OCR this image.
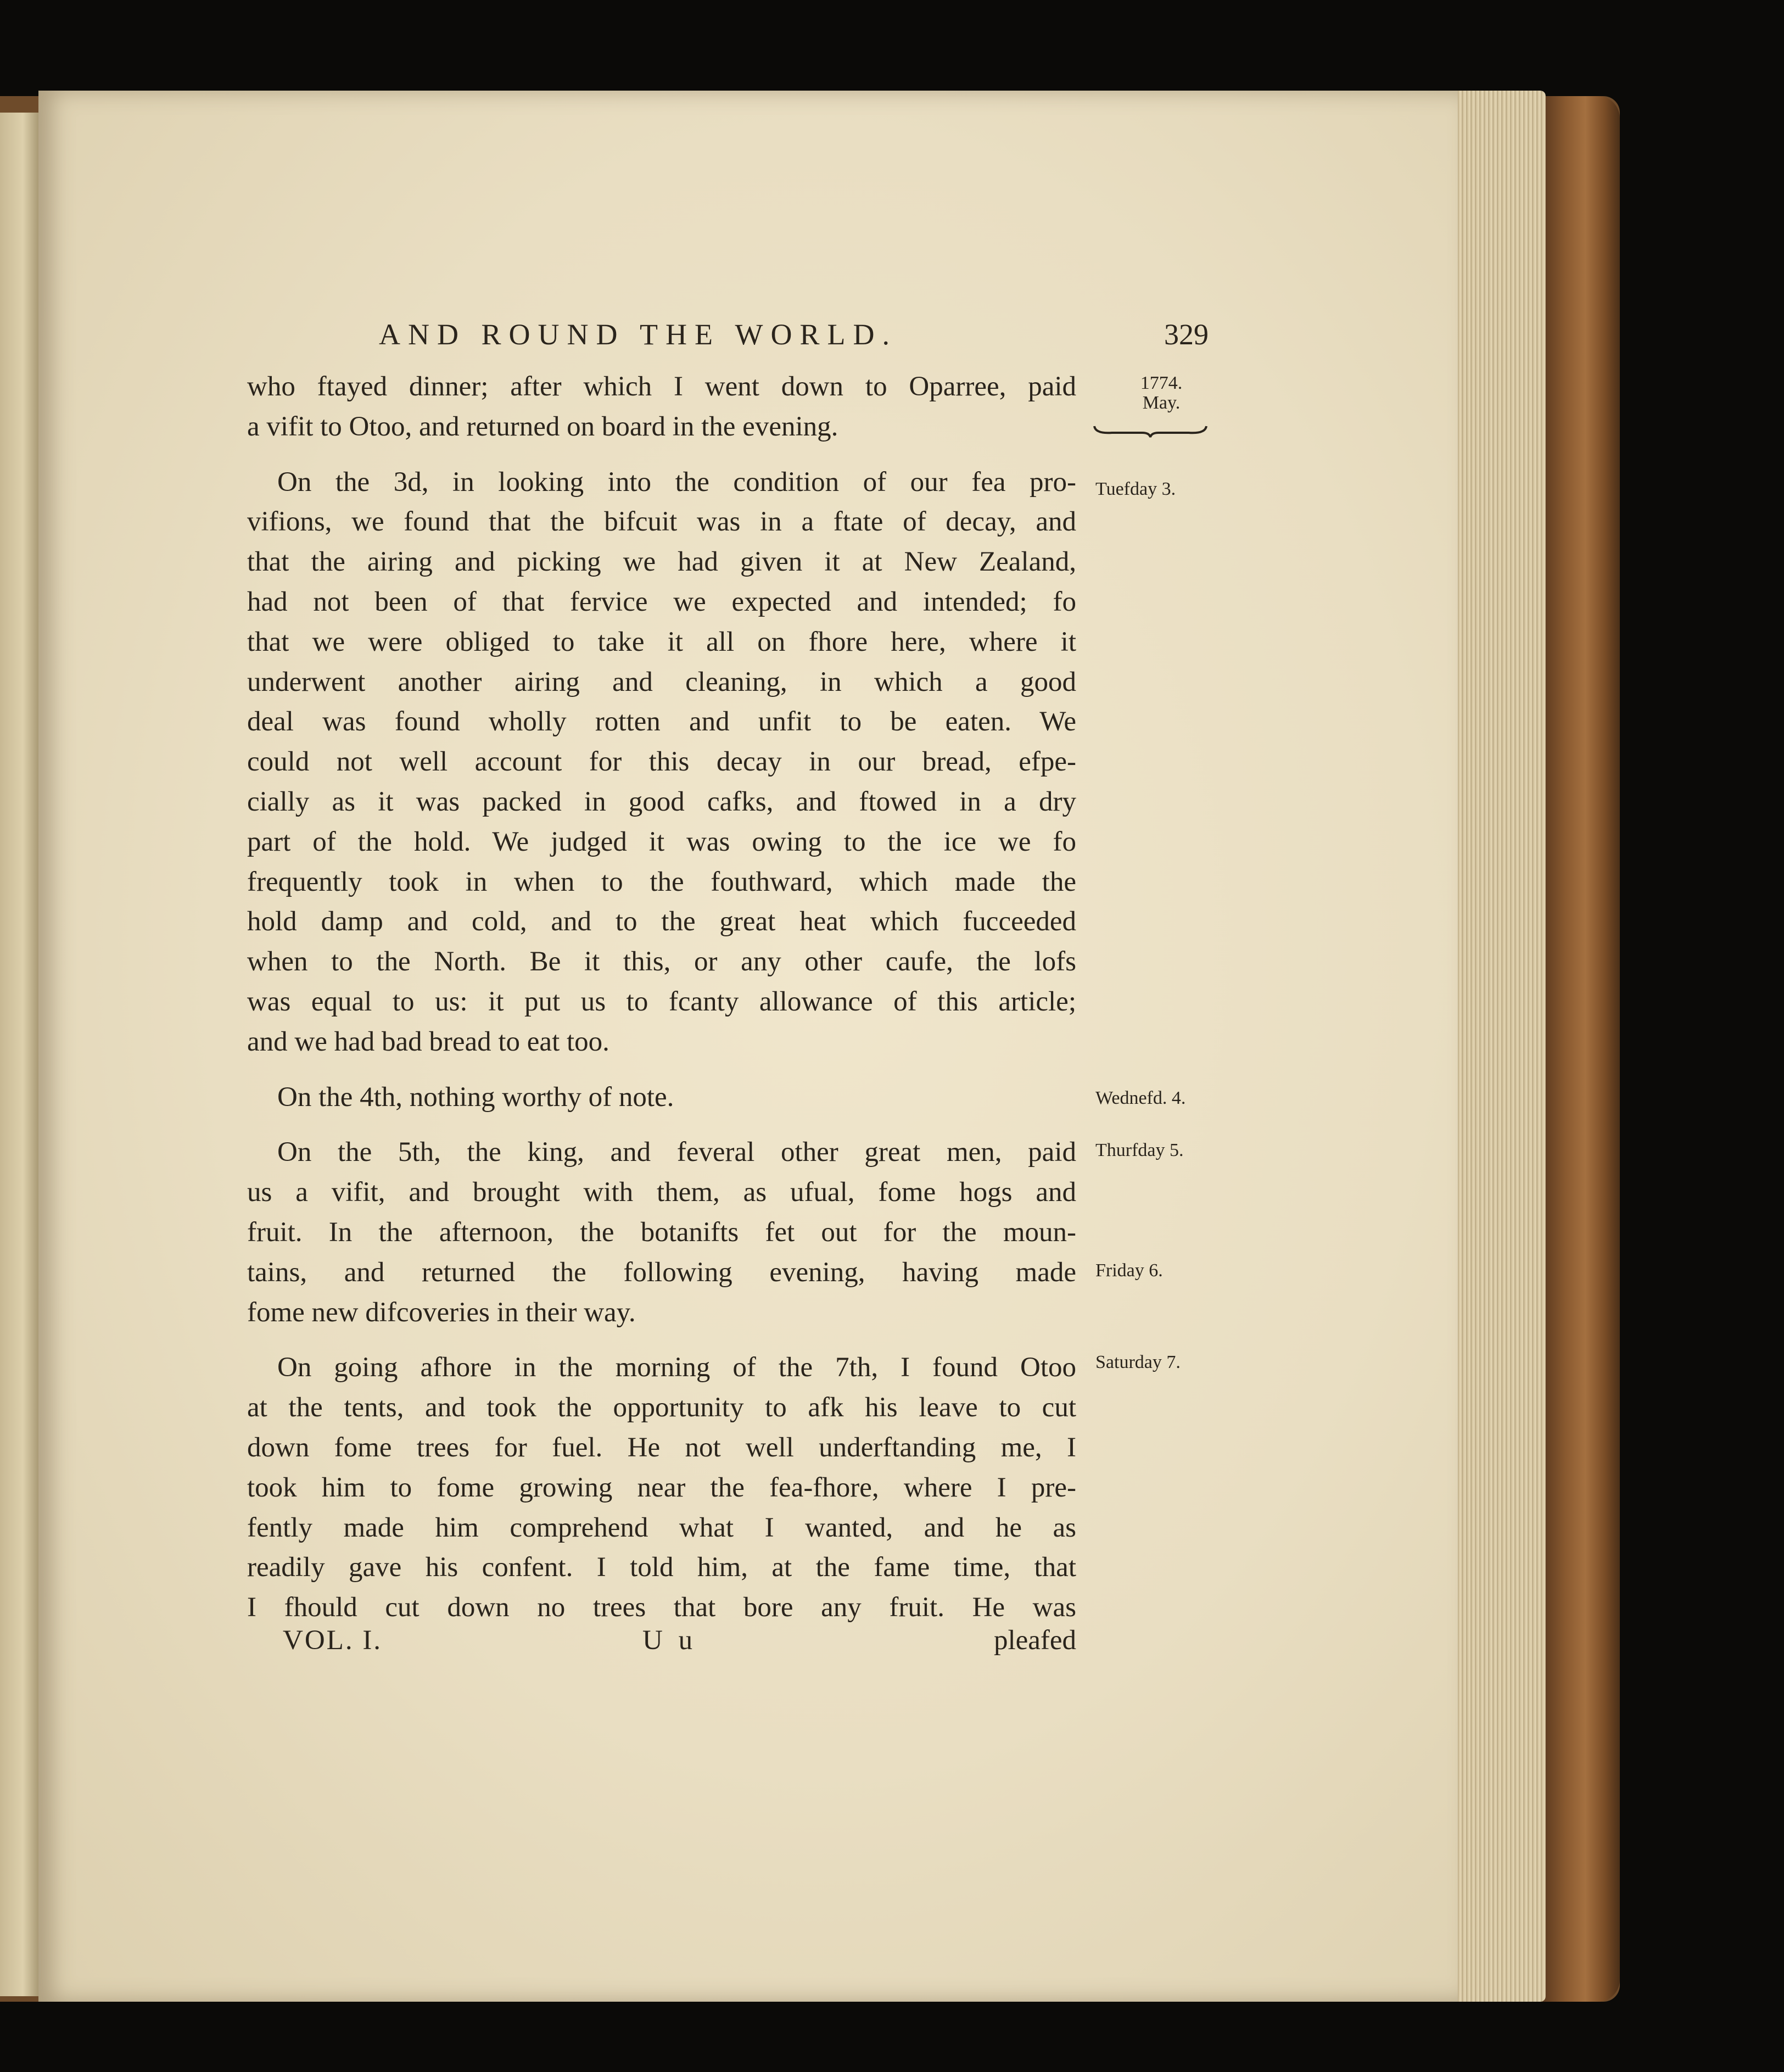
AND ROUND THE WORLD.	329
1774.
May.
Tuefday 3.
Wednefd. 4.
Thurfday 5.
Friday 6.
Saturday 7.
who ftayed dinner; after which I went down to Oparree, paid
a vifit to Otoo, and returned on board in the evening.
On the 3d, in looking into the condition of our fea pro-
vifions, we found that the bifcuit was in a ftate of decay, and
that the airing and picking we had given it at New Zealand,
had not been of that fervice we expected and intended; fo
that we were obliged to take it all on fhore here, where it
underwent another airing and cleaning, in which a good
deal was found wholly rotten and unfit to be eaten. We
could not well account for this decay in our bread, efpe-
cially as it was packed in good cafks, and ftowed in a dry
part of the hold. We judged it was owing to the ice we fo
frequently took in when to the fouthward, which made the
hold damp and cold, and to the great heat which fucceeded
when to the North. Be it this, or any other caufe, the lofs
was equal to us: it put us to fcanty allowance of this article;
and we had bad bread to eat too.
On the 4th, nothing worthy of note.
On the 5th, the king, and feveral other great men, paid
us a vifit, and brought with them, as ufual, fome hogs and
fruit. In the afternoon, the botanifts fet out for the moun-
tains, and returned the following evening, having made
fome new difcoveries in their way.
On going afhore in the morning of the 7th, I found Otoo
at the tents, and took the opportunity to afk his leave to cut
down fome trees for fuel. He not well underftanding me, I
took him to fome growing near the fea-fhore, where I pre-
fently made him comprehend what I wanted, and he as
readily gave his confent. I told him, at the fame time, that
I fhould cut down no trees that bore any fruit. He was
VOL. I.	U u	pleafed
